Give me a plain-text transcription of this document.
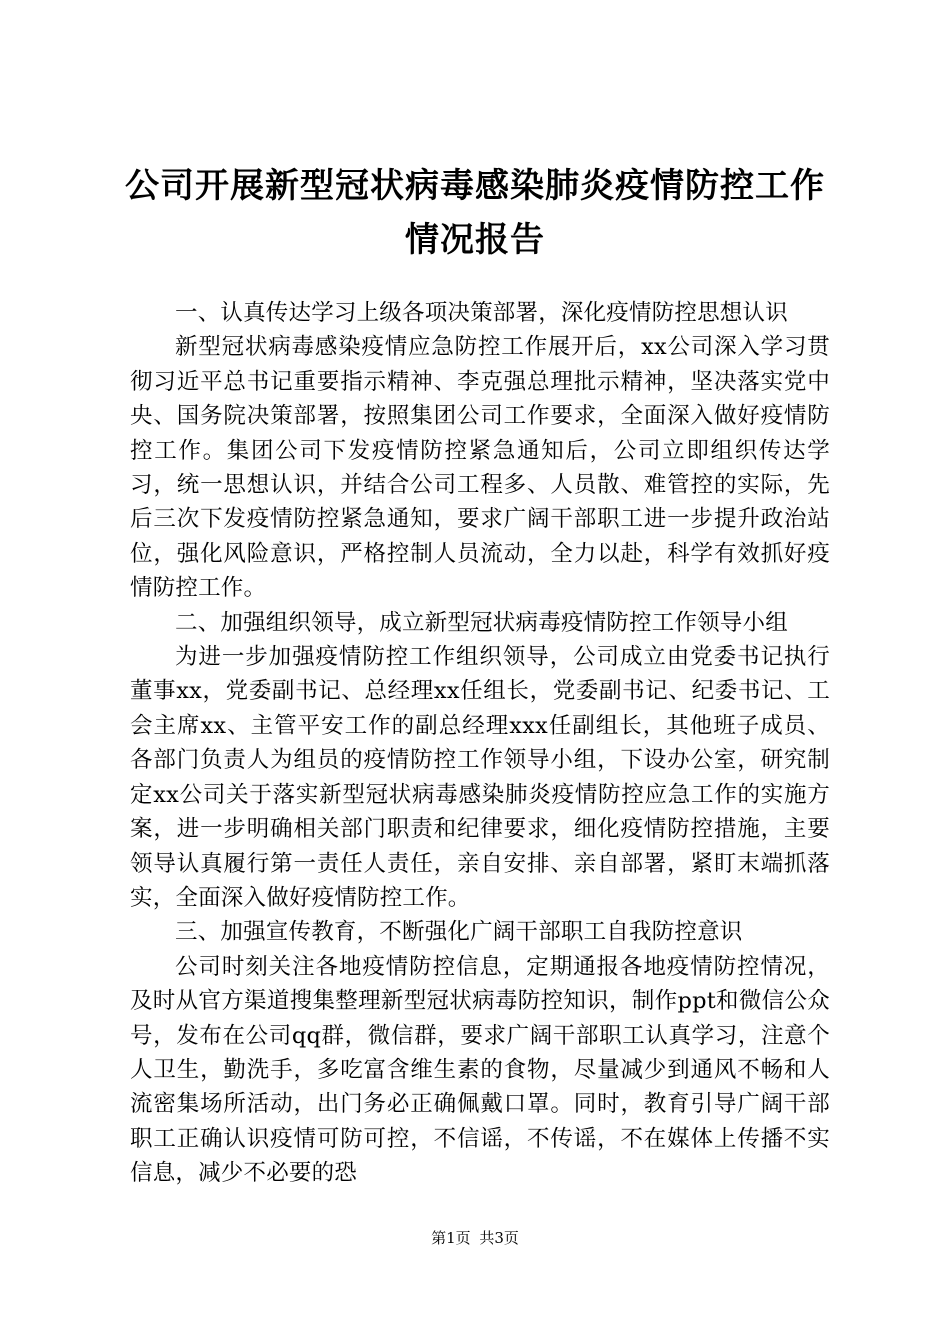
公司开展新型冠状病毒感染肺炎疫情防控工作
情况报告

一、认真传达学习上级各项决策部署，深化疫情防控思想认识

新型冠状病毒感染疫情应急防控工作展开后，xx公司深入学习贯彻习近平总书记重要指示精神、李克强总理批示精神，坚决落实党中央、国务院决策部署，按照集团公司工作要求，全面深入做好疫情防控工作。集团公司下发疫情防控紧急通知后，公司立即组织传达学习，统一思想认识，并结合公司工程多、人员散、难管控的实际，先后三次下发疫情防控紧急通知，要求广阔干部职工进一步提升政治站位，强化风险意识，严格控制人员流动，全力以赴，科学有效抓好疫情防控工作。

二、加强组织领导，成立新型冠状病毒疫情防控工作领导小组

为进一步加强疫情防控工作组织领导，公司成立由党委书记执行董事xx，党委副书记、总经理xx任组长，党委副书记、纪委书记、工会主席xx、主管平安工作的副总经理xxx任副组长，其他班子成员、各部门负责人为组员的疫情防控工作领导小组，下设办公室，研究制定xx公司关于落实新型冠状病毒感染肺炎疫情防控应急工作的实施方案，进一步明确相关部门职责和纪律要求，细化疫情防控措施，主要领导认真履行第一责任人责任，亲自安排、亲自部署，紧盯末端抓落实，全面深入做好疫情防控工作。

三、加强宣传教育，不断强化广阔干部职工自我防控意识

公司时刻关注各地疫情防控信息，定期通报各地疫情防控情况，及时从官方渠道搜集整理新型冠状病毒防控知识，制作ppt和微信公众号，发布在公司qq群，微信群，要求广阔干部职工认真学习，注意个人卫生，勤洗手，多吃富含维生素的食物，尽量减少到通风不畅和人流密集场所活动，出门务必正确佩戴口罩。同时，教育引导广阔干部职工正确认识疫情可防可控，不信谣，不传谣，不在媒体上传播不实信息，减少不必要的恐

第1页 共3页
